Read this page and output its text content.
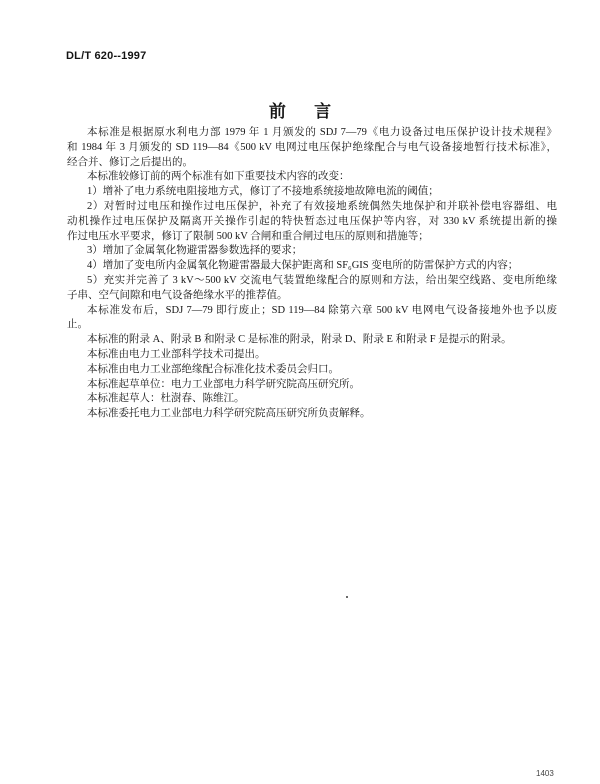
DL/T 620--1997
前 言
本标准是根据原水利电力部 1979 年 1 月颁发的 SDJ 7—79《电力设备过电压保护设计技术规程》
和 1984 年 3 月颁发的 SD 119—84《500 kV 电网过电压保护绝缘配合与电气设备接地暂行技术标准》，
经合并、修订之后提出的。
本标准较修订前的两个标准有如下重要技术内容的改变：
1）增补了电力系统电阻接地方式，修订了不接地系统接地故障电流的阈值；
2）对暂时过电压和操作过电压保护，补充了有效接地系统偶然失地保护和并联补偿电容器组、电
动机操作过电压保护及隔离开关操作引起的特快暂态过电压保护等内容，对 330 kV 系统提出新的操
作过电压水平要求，修订了限制 500 kV 合闸和重合闸过电压的原则和措施等；
3）增加了金属氧化物避雷器参数选择的要求；
4）增加了变电所内金属氧化物避雷器最大保护距离和 SF₆GIS 变电所的防雷保护方式的内容；
5）充实并完善了 3 kV～500 kV 交流电气装置绝缘配合的原则和方法，给出架空线路、变电所绝缘
子串、空气间隙和电气设备绝缘水平的推荐值。
本标准发布后，SDJ 7—79 即行废止；SD 119—84 除第六章 500 kV 电网电气设备接地外也予以废
止。
本标准的附录 A、附录 B 和附录 C 是标准的附录，附录 D、附录 E 和附录 F 是提示的附录。
本标准由电力工业部科学技术司提出。
本标准由电力工业部绝缘配合标准化技术委员会归口。
本标准起草单位：电力工业部电力科学研究院高压研究所。
本标准起草人：杜澍春、陈维江。
本标准委托电力工业部电力科学研究院高压研究所负责解释。
1403
